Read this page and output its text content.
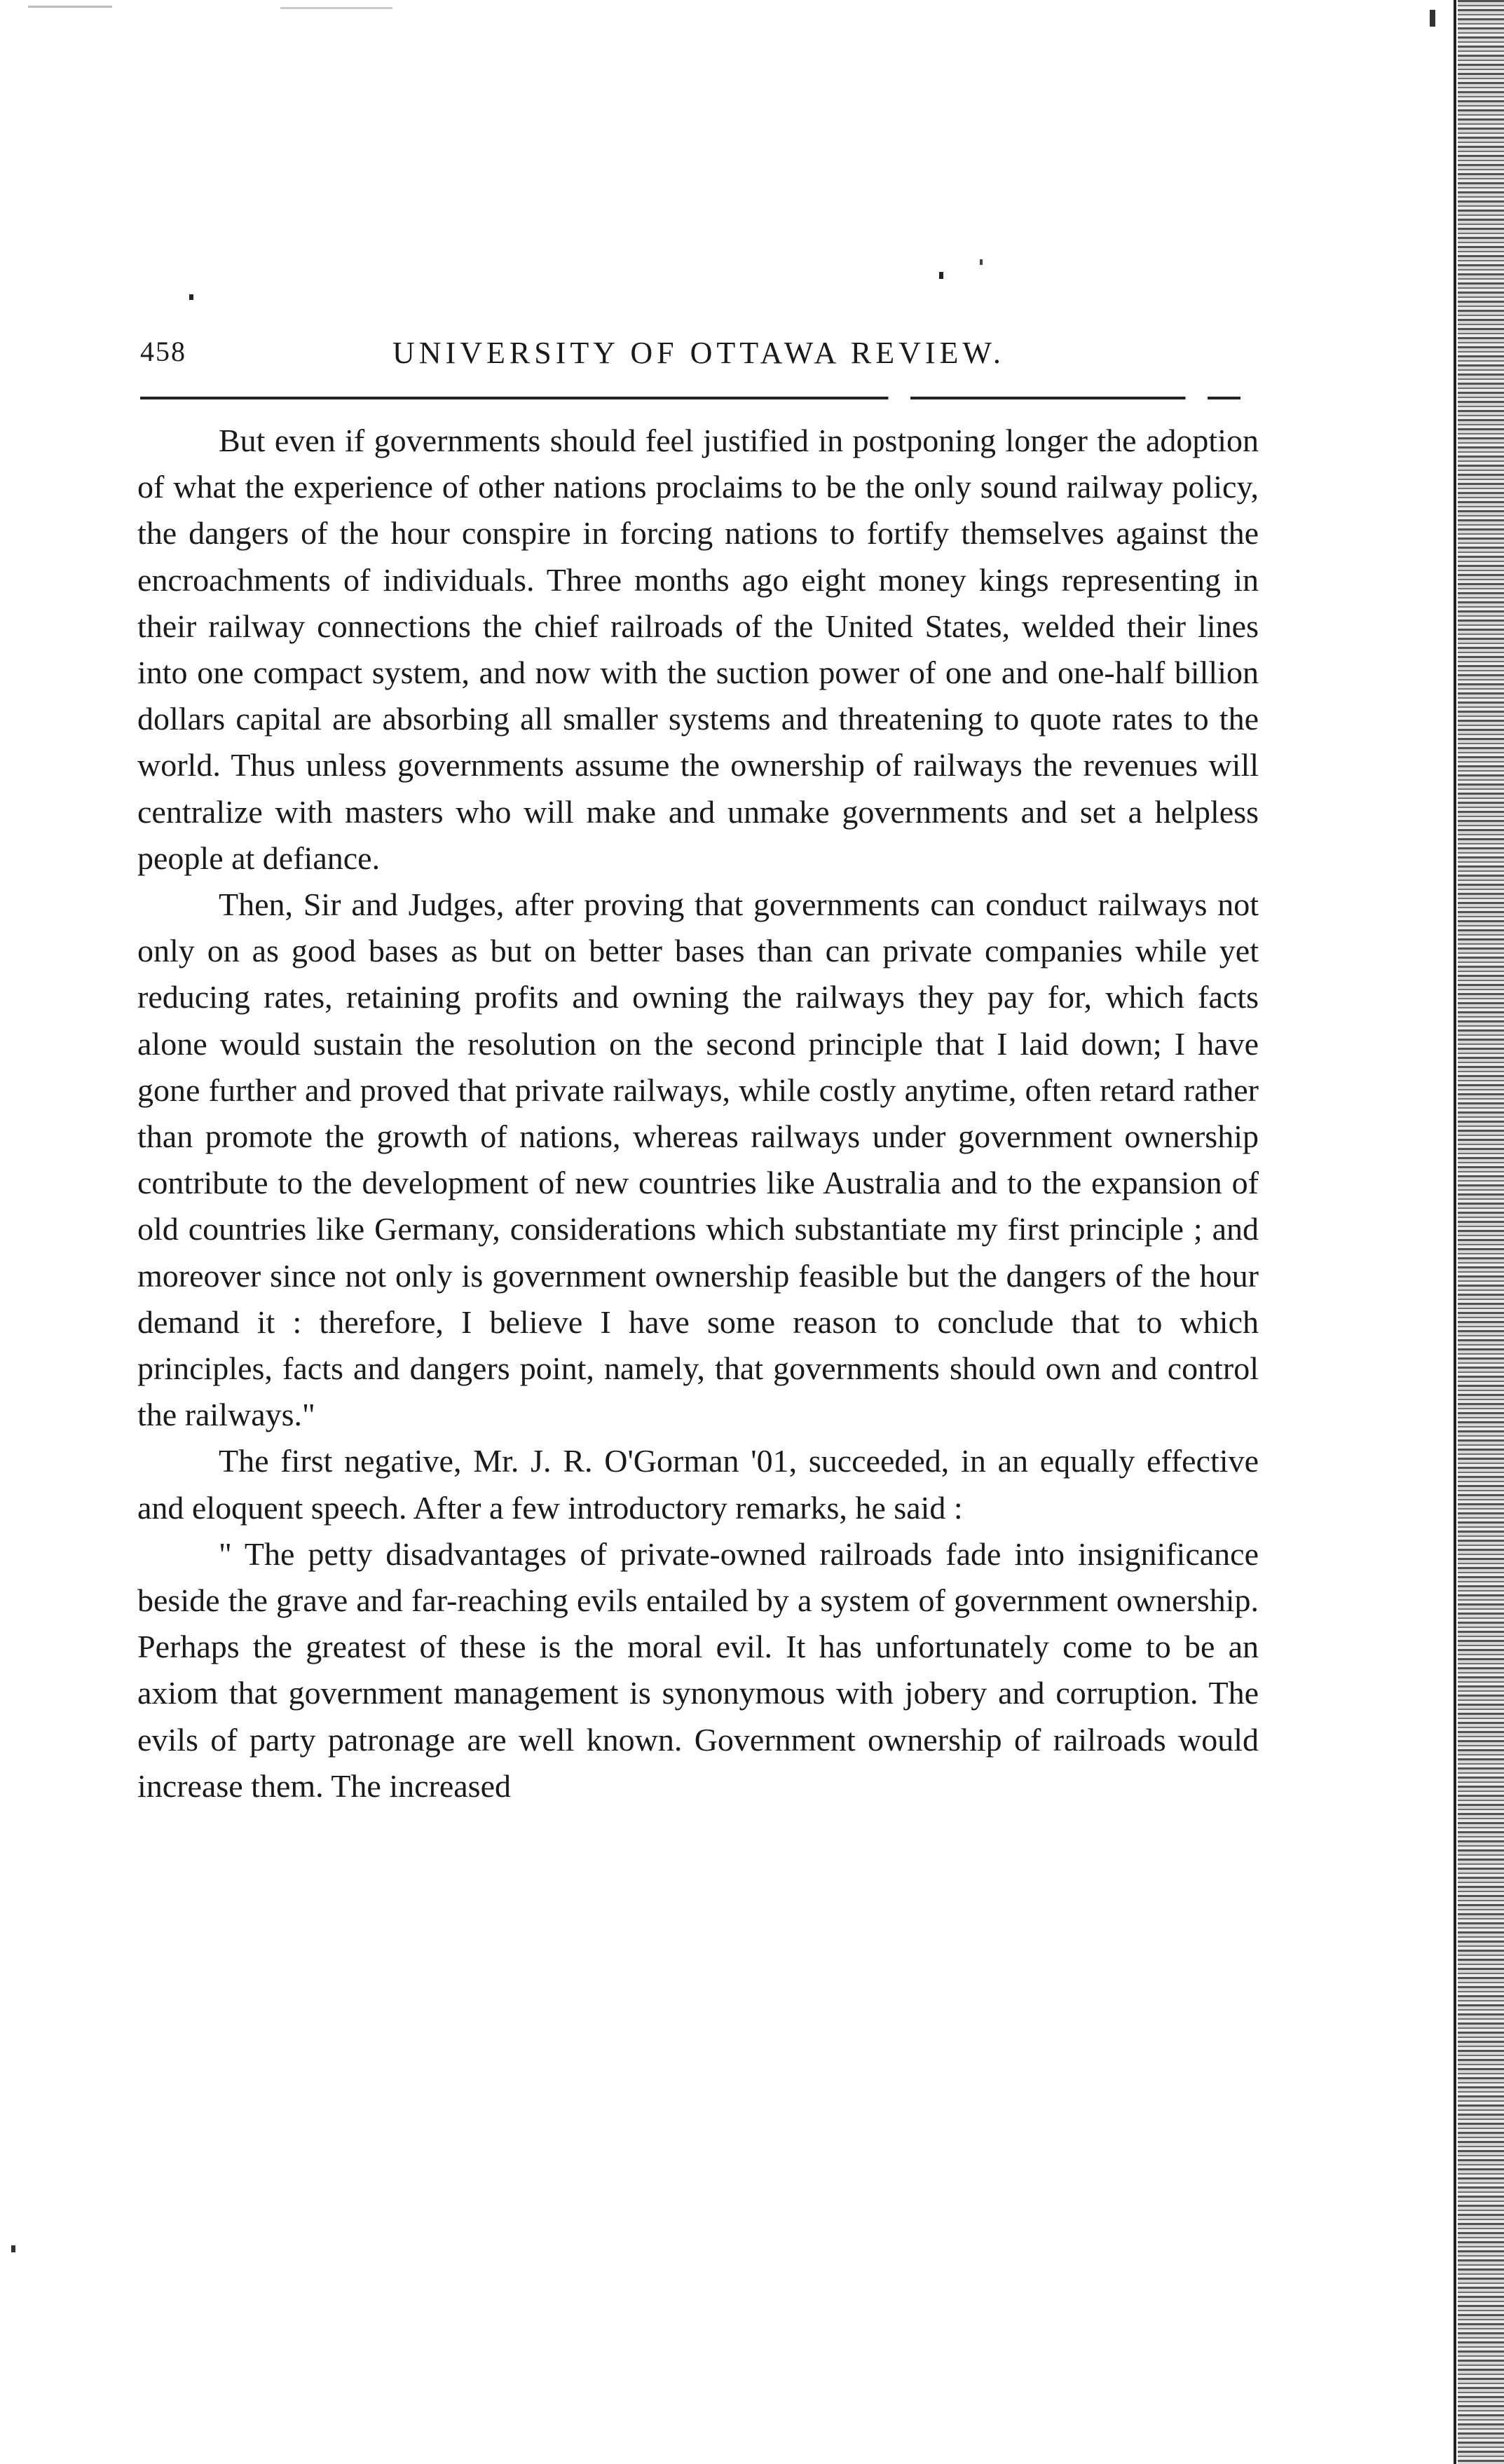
458	UNIVERSITY OF OTTAWA REVIEW.

But even if governments should feel justified in postponing longer the adoption of what the experience of other nations proclaims to be the only sound railway policy, the dangers of the hour conspire in forcing nations to fortify themselves against the encroachments of individuals. Three months ago eight money kings representing in their railway connections the chief railroads of the United States, welded their lines into one compact system, and now with the suction power of one and one-half billion dollars capital are absorbing all smaller systems and threatening to quote rates to the world. Thus unless governments assume the ownership of railways the revenues will centralize with masters who will make and unmake governments and set a helpless people at defiance.

Then, Sir and Judges, after proving that governments can conduct railways not only on as good bases as but on better bases than can private companies while yet reducing rates, retaining profits and owning the railways they pay for, which facts alone would sustain the resolution on the second principle that I laid down; I have gone further and proved that private railways, while costly anytime, often retard rather than promote the growth of nations, whereas railways under government ownership contribute to the development of new countries like Australia and to the expansion of old countries like Germany, considerations which substantiate my first principle ; and moreover since not only is government ownership feasible but the dangers of the hour demand it : therefore, I believe I have some reason to conclude that to which principles, facts and dangers point, namely, that governments should own and control the railways."

The first negative, Mr. J. R. O'Gorman '01, succeeded, in an equally effective and eloquent speech. After a few introductory remarks, he said :

" The petty disadvantages of private-owned railroads fade into insignificance beside the grave and far-reaching evils entailed by a system of government ownership. Perhaps the greatest of these is the moral evil. It has unfortunately come to be an axiom that government management is synonymous with jobery and corruption. The evils of party patronage are well known. Government ownership of railroads would increase them. The increased
